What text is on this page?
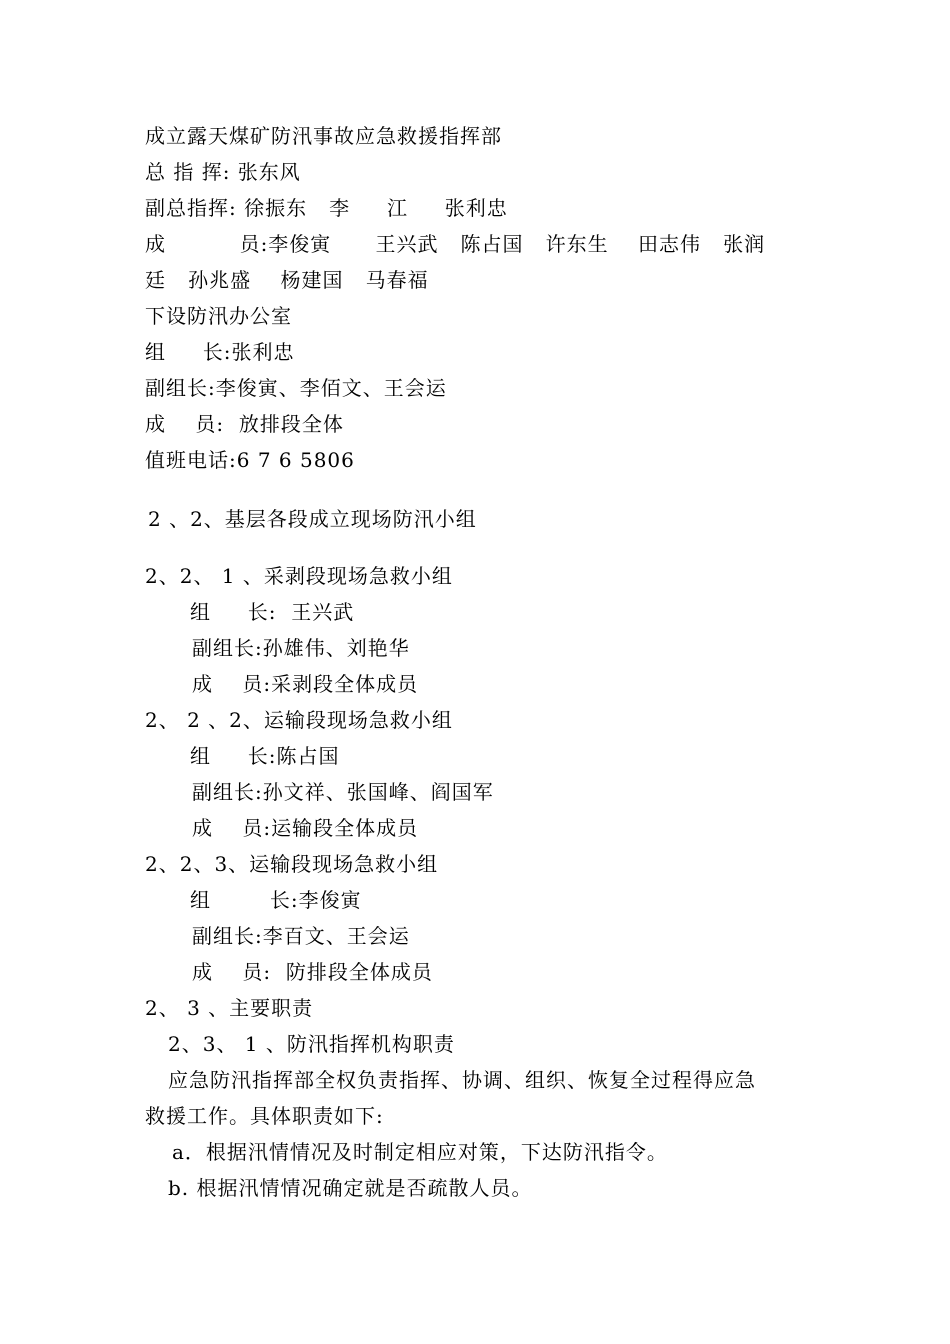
成立露天煤矿防汛事故应急救援指挥部
总 指 挥: 张东风
副总指挥: 徐振东   李     江     张利忠
成          员:李俊寅      王兴武   陈占国   许东生    田志伟   张润
廷   孙兆盛    杨建国   马春福
下设防汛办公室
组     长:张利忠
副组长:李俊寅、李佰文、王会运
成    员:  放排段全体
值班电话:6 7 6 5806
2 、2、基层各段成立现场防汛小组
2、2、 1 、采剥段现场急救小组
组     长:  王兴武
副组长:孙雄伟、刘艳华
成    员:采剥段全体成员
2、 2 、2、运输段现场急救小组
组     长:陈占国
副组长:孙文祥、张国峰、阎国军
成    员:运输段全体成员
2、2、3、运输段现场急救小组
组        长:李俊寅
副组长:李百文、王会运
成    员:  防排段全体成员
2、 3 、主要职责
2、3、 1 、防汛指挥机构职责
应急防汛指挥部全权负责指挥、协调、组织、恢复全过程得应急
救援工作。具体职责如下:
a．根据汛情情况及时制定相应对策，下达防汛指令。
b. 根据汛情情况确定就是否疏散人员。
